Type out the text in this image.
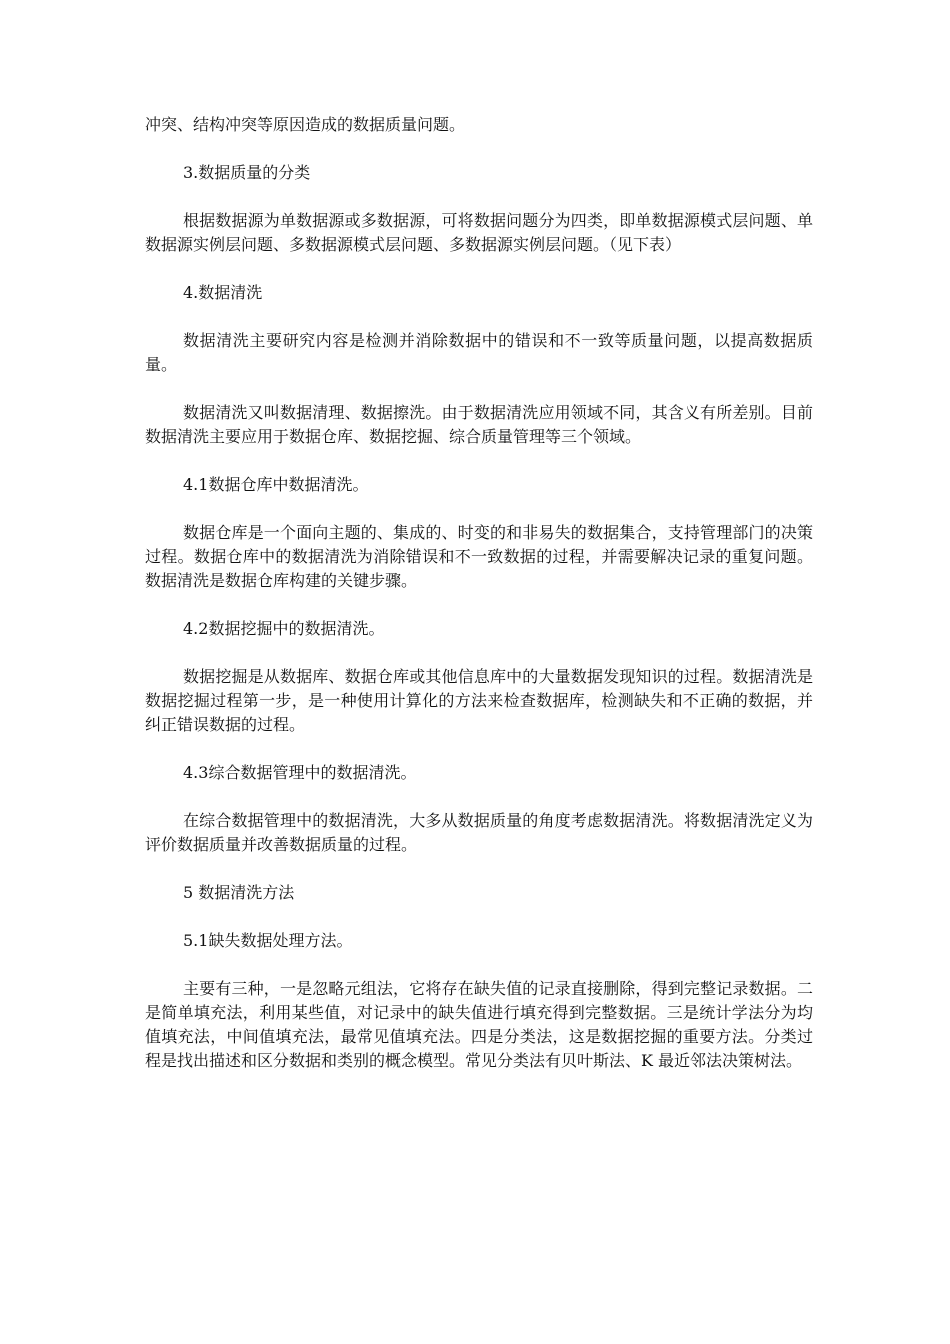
冲突、结构冲突等原因造成的数据质量问题。

3.数据质量的分类

根据数据源为单数据源或多数据源，可将数据问题分为四类，即单数据源模式层问题、单数据源实例层问题、多数据源模式层问题、多数据源实例层问题。（见下表）

4.数据清洗

数据清洗主要研究内容是检测并消除数据中的错误和不一致等质量问题，以提高数据质量。

数据清洗又叫数据清理、数据擦洗。由于数据清洗应用领域不同，其含义有所差别。目前数据清洗主要应用于数据仓库、数据挖掘、综合质量管理等三个领域。

4.1数据仓库中数据清洗。

数据仓库是一个面向主题的、集成的、时变的和非易失的数据集合，支持管理部门的决策过程。数据仓库中的数据清洗为消除错误和不一致数据的过程，并需要解决记录的重复问题。数据清洗是数据仓库构建的关键步骤。

4.2数据挖掘中的数据清洗。

数据挖掘是从数据库、数据仓库或其他信息库中的大量数据发现知识的过程。数据清洗是数据挖掘过程第一步，是一种使用计算化的方法来检查数据库，检测缺失和不正确的数据，并纠正错误数据的过程。

4.3综合数据管理中的数据清洗。

在综合数据管理中的数据清洗，大多从数据质量的角度考虑数据清洗。将数据清洗定义为评价数据质量并改善数据质量的过程。

5 数据清洗方法

5.1缺失数据处理方法。

主要有三种，一是忽略元组法，它将存在缺失值的记录直接删除，得到完整记录数据。二是简单填充法，利用某些值，对记录中的缺失值进行填充得到完整数据。三是统计学法分为均值填充法，中间值填充法，最常见值填充法。四是分类法，这是数据挖掘的重要方法。分类过程是找出描述和区分数据和类别的概念模型。常见分类法有贝叶斯法、K 最近邻法决策树法。
